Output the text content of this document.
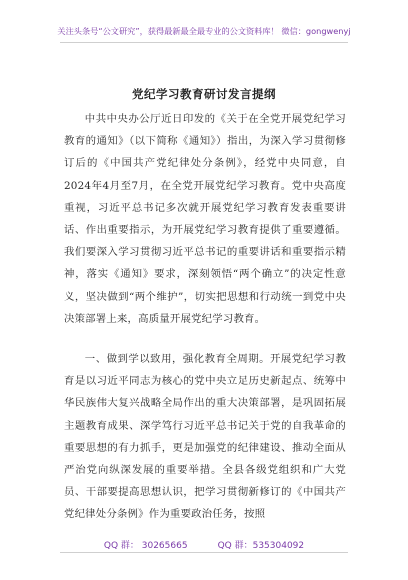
关注头条号“公文研究”，获得最新最全最专业的公文资料库！ 微信：gongwenyj
党纪学习教育研讨发言提纲

中共中央办公厅近日印发的《关于在全党开展党纪学习教育的通知》（以下简称《通知》）指出，为深入学习贯彻修订后的《中国共产党纪律处分条例》，经党中央同意，自2024年4月至7月，在全党开展党纪学习教育。党中央高度重视，习近平总书记多次就开展党纪学习教育发表重要讲话、作出重要指示，为开展党纪学习教育提供了重要遵循。我们要深入学习贯彻习近平总书记的重要讲话和重要指示精神，落实《通知》要求，深刻领悟“两个确立”的决定性意义，坚决做到“两个维护”，切实把思想和行动统一到党中央决策部署上来，高质量开展党纪学习教育。

一、做到学以致用，强化教育全周期。开展党纪学习教育是以习近平同志为核心的党中央立足历史新起点、统筹中华民族伟大复兴战略全局作出的重大决策部署，是巩固拓展主题教育成果、深学笃行习近平总书记关于党的自我革命的重要思想的有力抓手，更是加强党的纪律建设、推动全面从严治党向纵深发展的重要举措。全县各级党组织和广大党员、干部要提高思想认识，把学习贯彻新修订的《中国共产党纪律处分条例》作为重要政治任务，按照

QQ 群： 30265665	QQ 群：535304092
